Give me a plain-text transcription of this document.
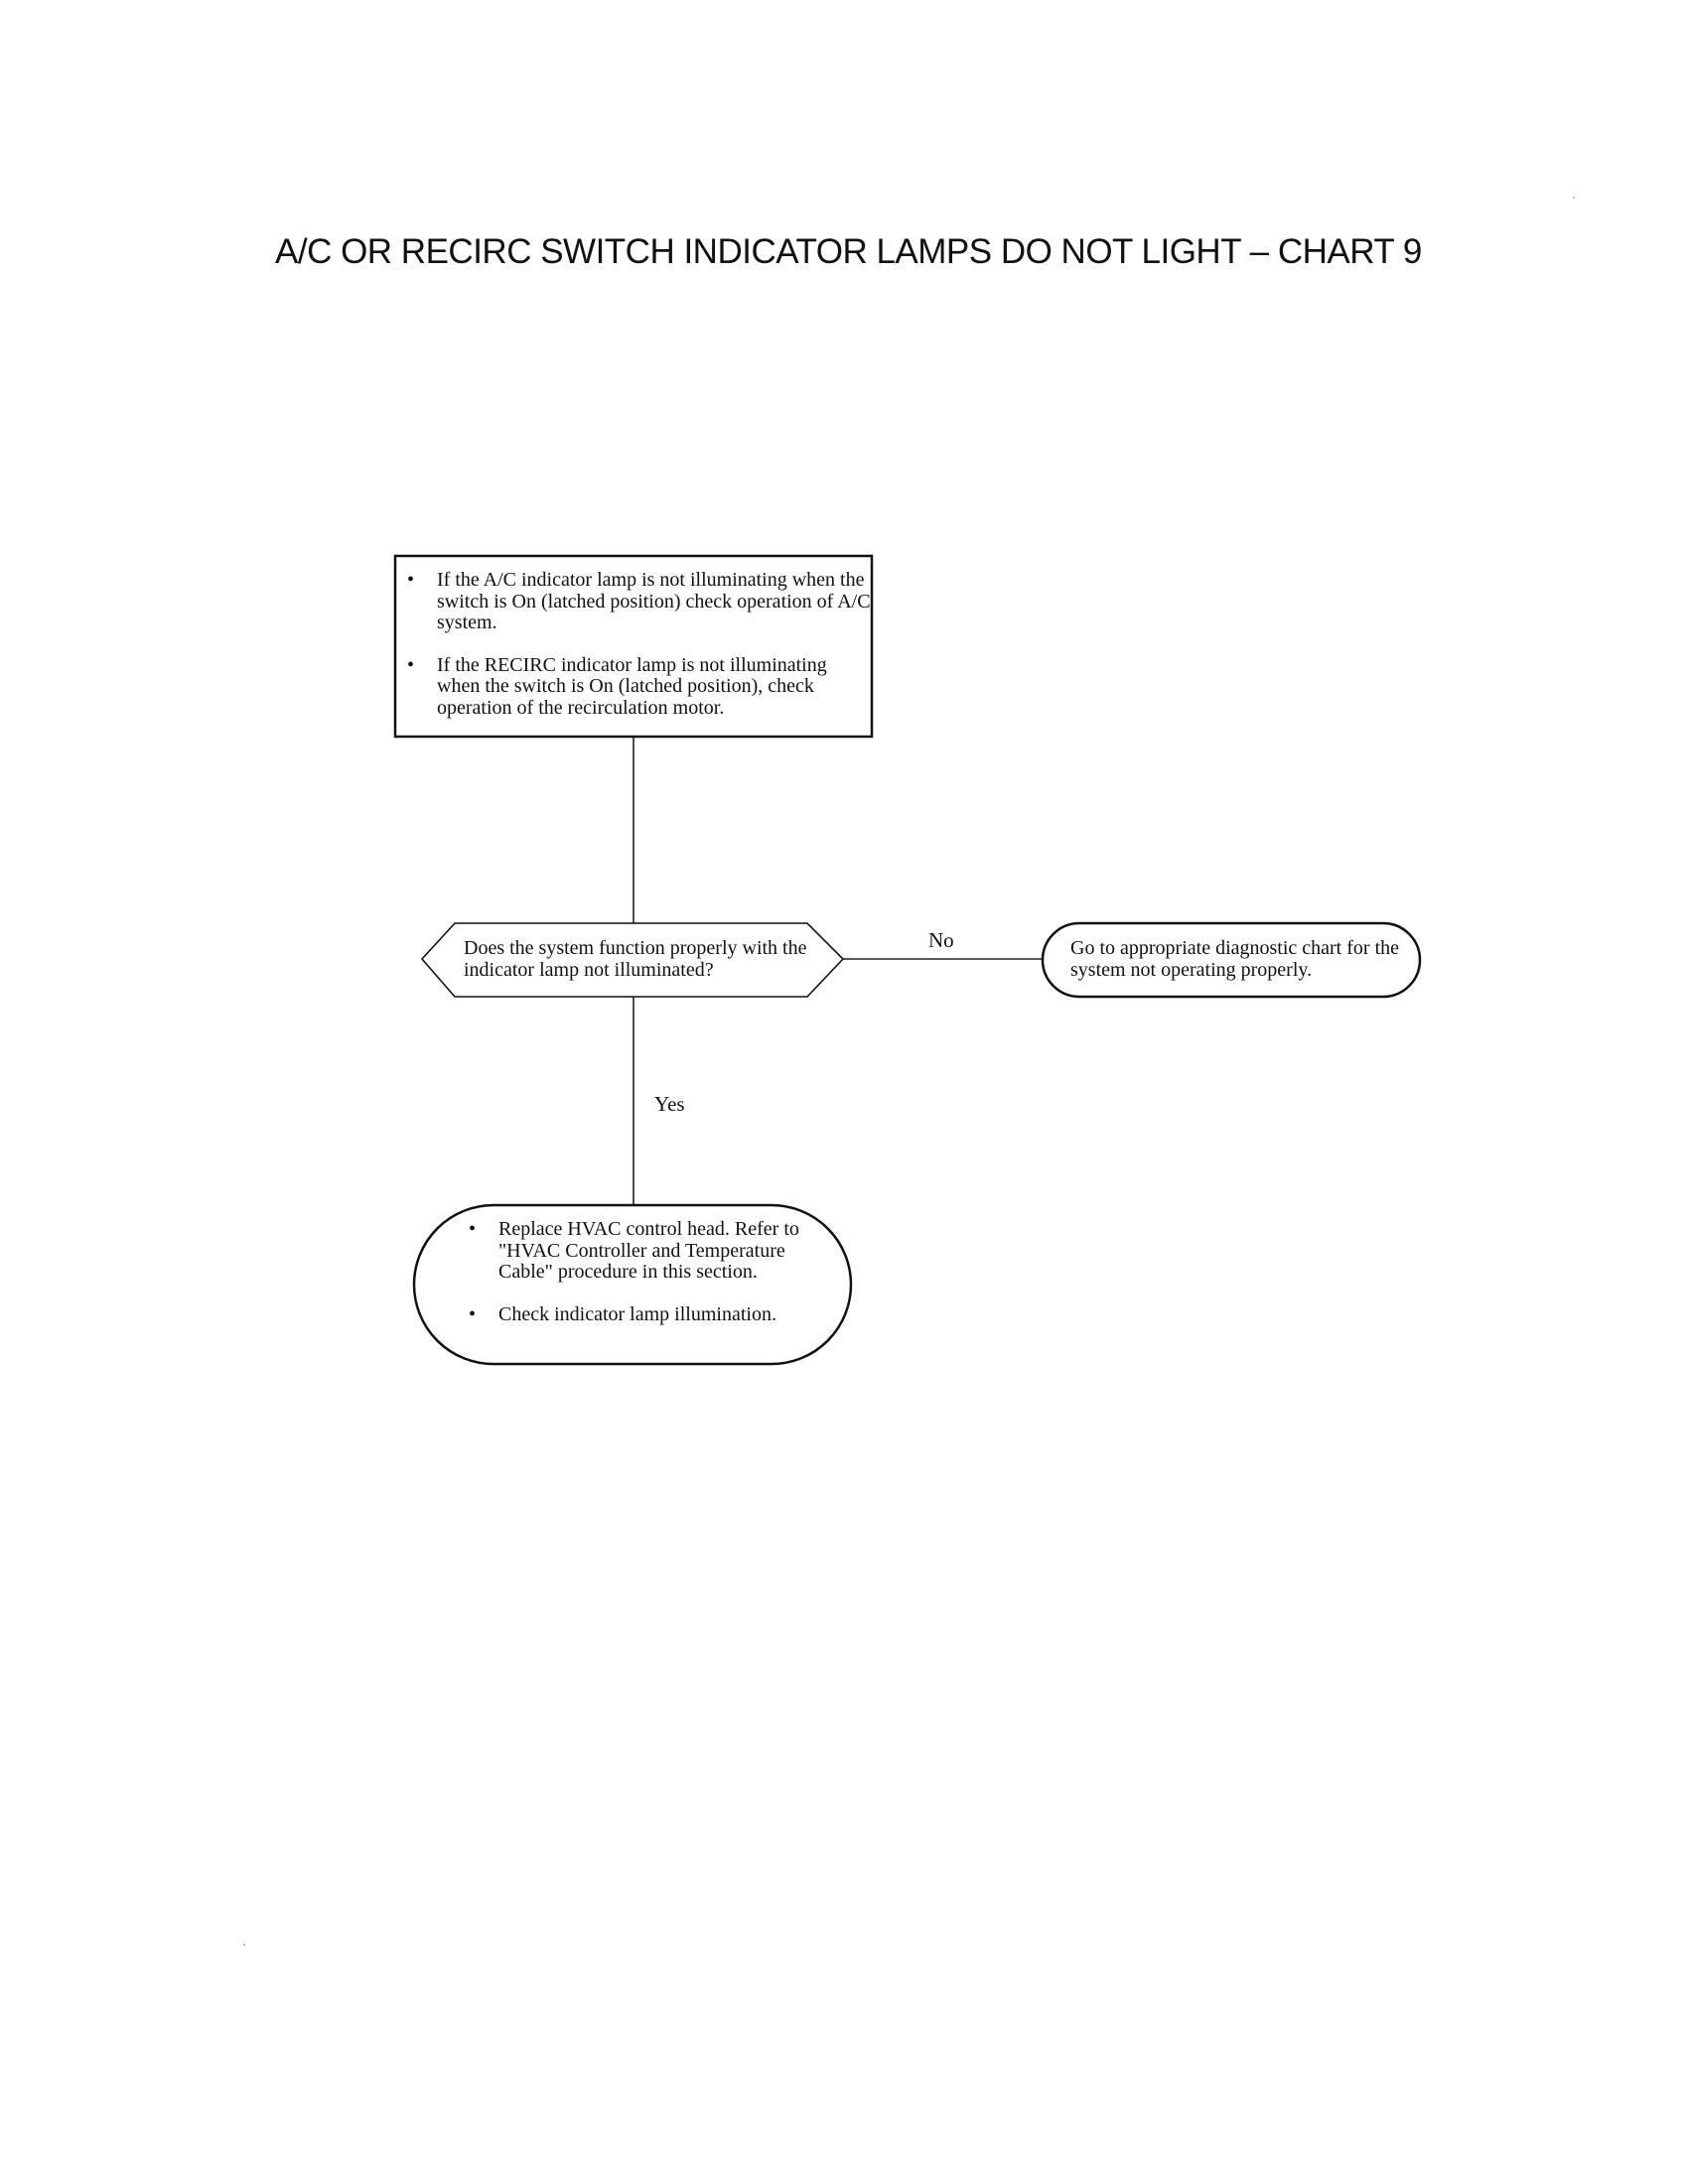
A/C OR RECIRC SWITCH INDICATOR LAMPS DO NOT LIGHT – CHART 9
• If the A/C indicator lamp is not illuminating when the switch is On (latched position) check operation of A/C system.
• If the RECIRC indicator lamp is not illuminating when the switch is On (latched position), check operation of the recirculation motor.
Does the system function properly with the indicator lamp not illuminated?
Go to appropriate diagnostic chart for the system not operating properly.
• Replace HVAC control head. Refer to "HVAC Controller and Temperature Cable" procedure in this section.
• Check indicator lamp illumination.
No
Yes
